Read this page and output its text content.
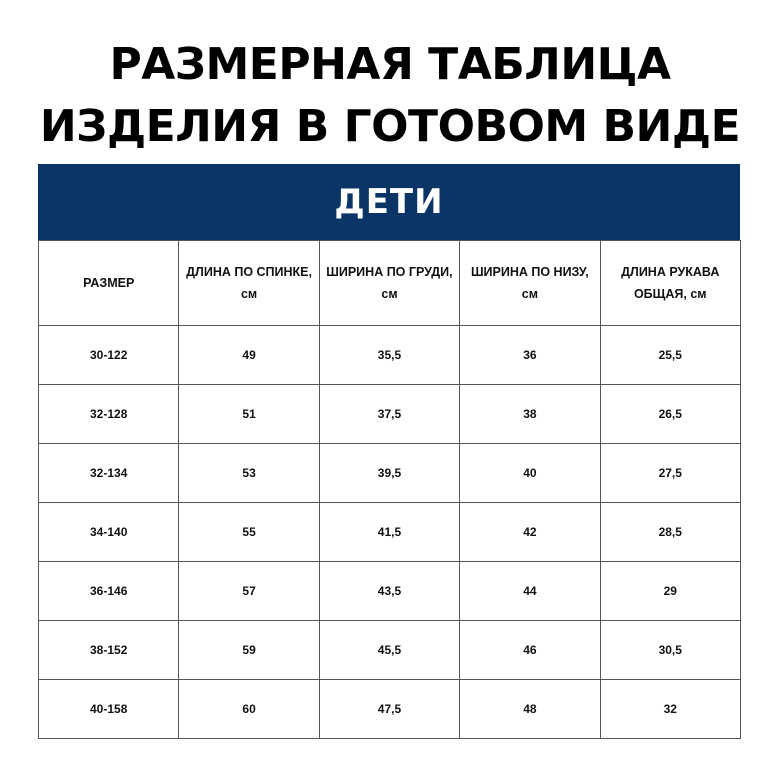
РАЗМЕРНАЯ ТАБЛИЦА
ИЗДЕЛИЯ В ГОТОВОМ ВИДЕ
ДЕТИ
РАЗМЕР	ДЛИНА ПО СПИНКЕ, см	ШИРИНА ПО ГРУДИ, см	ШИРИНА ПО НИЗУ, см	ДЛИНА РУКАВА ОБЩАЯ, см
30-122	49	35,5	36	25,5
32-128	51	37,5	38	26,5
32-134	53	39,5	40	27,5
34-140	55	41,5	42	28,5
36-146	57	43,5	44	29
38-152	59	45,5	46	30,5
40-158	60	47,5	48	32
